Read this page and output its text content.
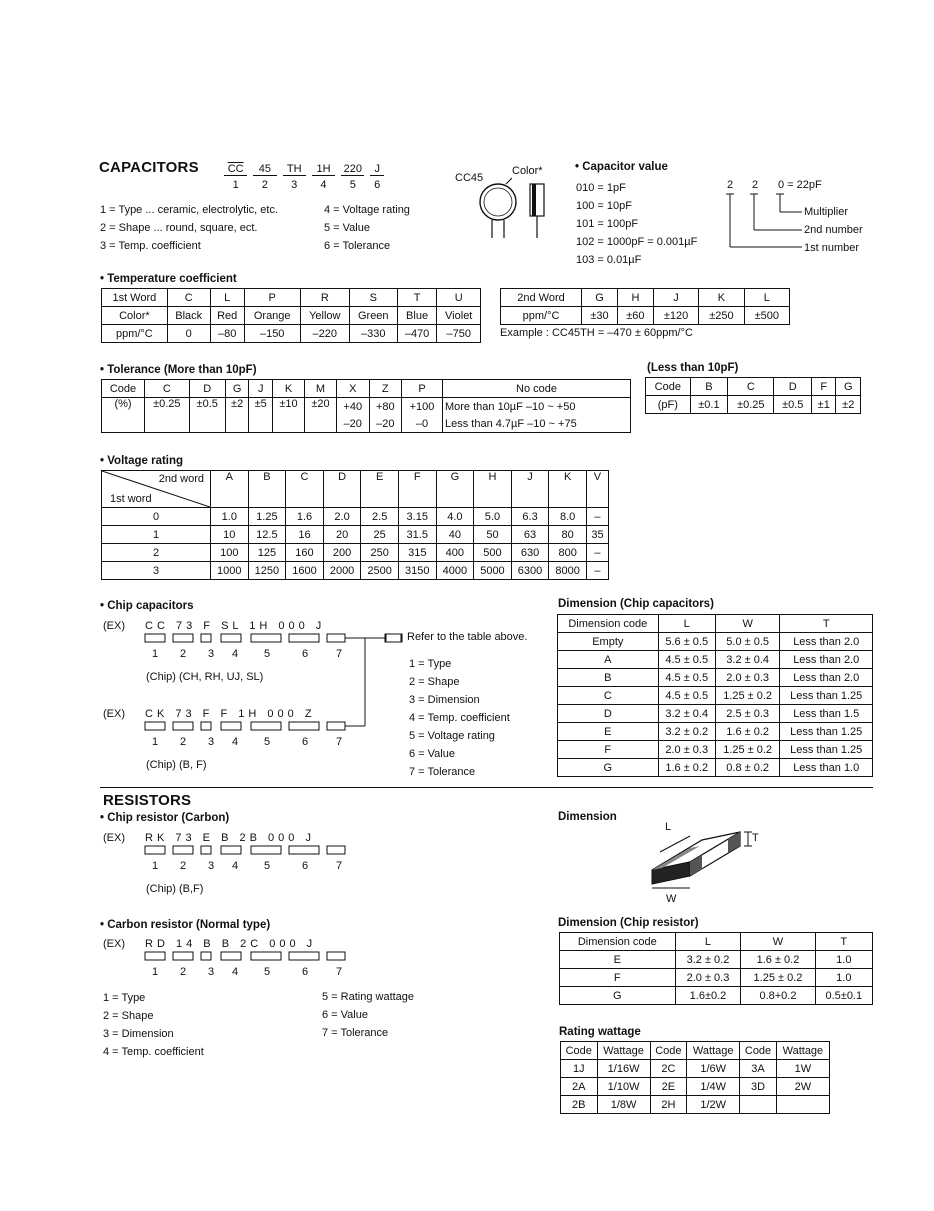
CAPACITORS	$\overline{CC}$	45	TH	1H	220	J
1	2	3	4	5	6
1 = Type ... ceramic, electrolytic, etc.
2 = Shape ... round, square, ect.
3 = Temp. coefficient
4 = Voltage rating
5 = Value
6 = Tolerance
CC45
Color*	• Capacitor value
010 = 1pF
100 = 10pF
101 = 100pF
102 = 1000pF = 0.001µF
103 = 0.01µF
2 2 0 = 22pF
Multiplier
2nd number
1st number
• Temperature coefficient
1st Word	C	L	P	R	S	T	U
Color*	Black	Red	Orange	Yellow	Green	Blue	Violet
ppm/°C	0	–80	–150	–220	–330	–470	–750
2nd Word	G	H	J	K	L
ppm/°C	±30	±60	±120	±250	±500
Example : CC45TH = –470 ± 60ppm/°C
• Tolerance (More than 10pF)
Code	C	D	G	J	K	M	X	Z	P	No code
(%)	±0.25	±0.5	±2	±5	±10	±20	+40	+80	+100	More than 10µF –10 ~ +50
							–20	–20	–0	Less than 4.7µF –10 ~ +75
(Less than 10pF)
Code	B	C	D	F	G
(pF)	±0.1	±0.25	±0.5	±1	±2
• Voltage rating
2nd word
1st word	A	B	C	D	E	F	G	H	J	K	V
0	1.0	1.25	1.6	2.0	2.5	3.15	4.0	5.0	6.3	8.0	–
1	10	12.5	16	20	25	31.5	40	50	63	80	35
2	100	125	160	200	250	315	400	500	630	800	–
3	1000	1250	1600	2000	2500	3150	4000	5000	6300	8000	–
• Chip capacitors
(EX) CC 73 F SL 1H 000 J
1	2	3	4	5	6	7
(Chip) (CH, RH, UJ, SL)
(EX) CK 73 F F 1H 000 Z
1	2	3	4	5	6	7
(Chip) (B, F)
Refer to the table above.
1 = Type
2 = Shape
3 = Dimension
4 = Temp. coefficient
5 = Voltage rating
6 = Value
7 = Tolerance
Dimension (Chip capacitors)
Dimension code	L	W	T
Empty	5.6 ± 0.5	5.0 ± 0.5	Less than 2.0
A	4.5 ± 0.5	3.2 ± 0.4	Less than 2.0
B	4.5 ± 0.5	2.0 ± 0.3	Less than 2.0
C	4.5 ± 0.5	1.25 ± 0.2	Less than 1.25
D	3.2 ± 0.4	2.5 ± 0.3	Less than 1.5
E	3.2 ± 0.2	1.6 ± 0.2	Less than 1.25
F	2.0 ± 0.3	1.25 ± 0.2	Less than 1.25
G	1.6 ± 0.2	0.8 ± 0.2	Less than 1.0
RESISTORS
• Chip resistor (Carbon)
(EX) RK 73 E B 2B 000 J
1	2	3	4	5	6	7
(Chip) (B,F)
• Carbon resistor (Normal type)
(EX) RD 14 B B 2C 000 J
1	2	3	4	5	6	7
1 = Type
2 = Shape
3 = Dimension
4 = Temp. coefficient
5 = Rating wattage
6 = Value
7 = Tolerance
Dimension
L
T
W
Dimension (Chip resistor)
Dimension code	L	W	T
E	3.2 ± 0.2	1.6 ± 0.2	1.0
F	2.0 ± 0.3	1.25 ± 0.2	1.0
G	1.6±0.2	0.8+0.2	0.5±0.1
Rating wattage
Code	Wattage	Code	Wattage	Code	Wattage
1J	1/16W	2C	1/6W	3A	1W
2A	1/10W	2E	1/4W	3D	2W
2B	1/8W	2H	1/2W		
